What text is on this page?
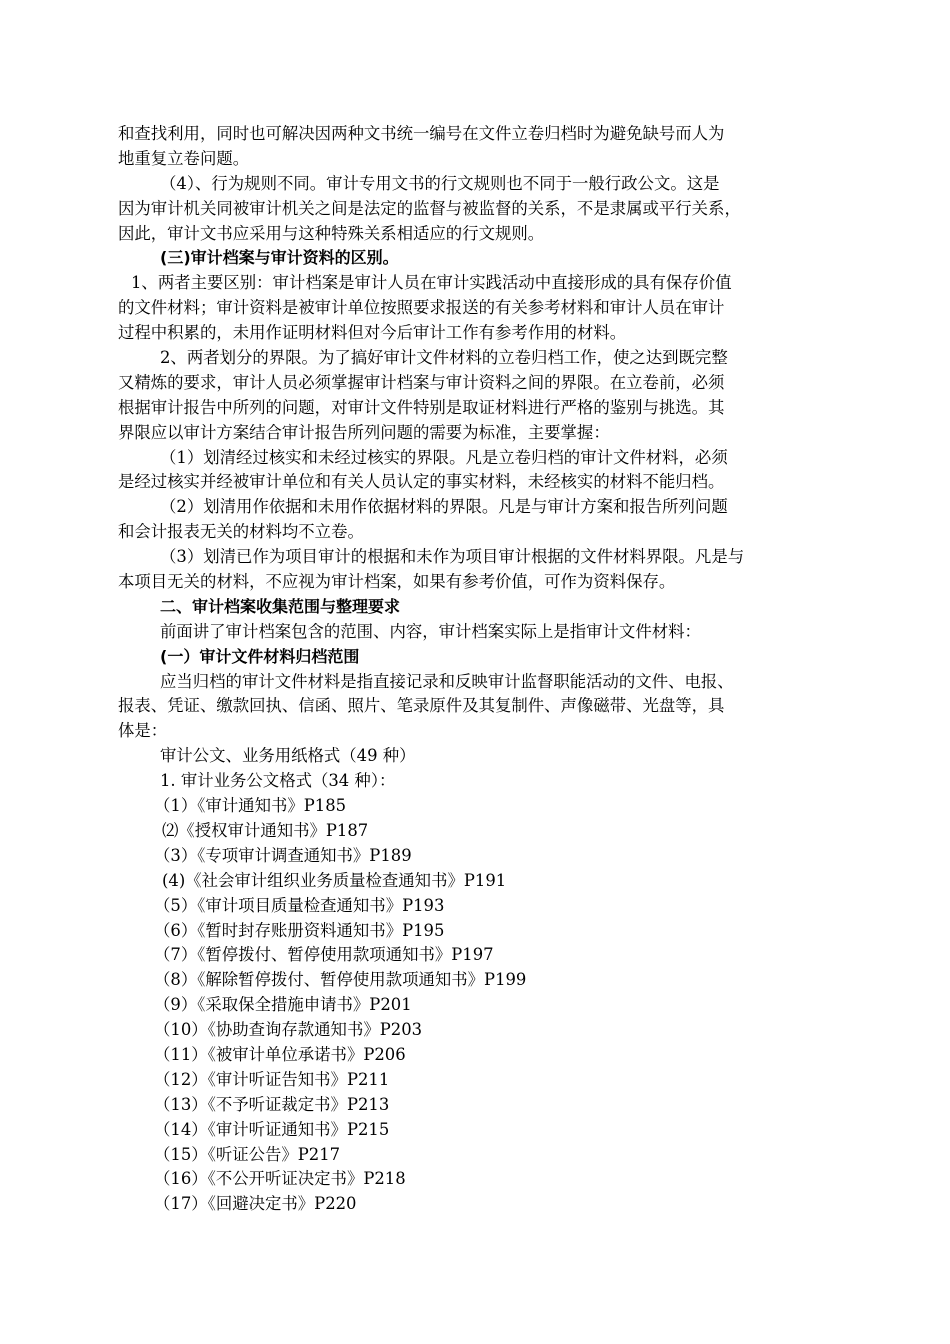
和查找利用，同时也可解决因两种文书统一编号在文件立卷归档时为避免缺号而人为
地重复立卷问题。
（4）、行为规则不同。审计专用文书的行文规则也不同于一般行政公文。这是
因为审计机关同被审计机关之间是法定的监督与被监督的关系，不是隶属或平行关系，
因此，审计文书应采用与这种特殊关系相适应的行文规则。
(三)审计档案与审计资料的区别。
1、两者主要区别：审计档案是审计人员在审计实践活动中直接形成的具有保存价值
的文件材料；审计资料是被审计单位按照要求报送的有关参考材料和审计人员在审计
过程中积累的，未用作证明材料但对今后审计工作有参考作用的材料。
2、两者划分的界限。为了搞好审计文件材料的立卷归档工作，使之达到既完整
又精炼的要求，审计人员必须掌握审计档案与审计资料之间的界限。在立卷前，必须
根据审计报告中所列的问题，对审计文件特别是取证材料进行严格的鉴别与挑选。其
界限应以审计方案结合审计报告所列问题的需要为标准，主要掌握：
（1）划清经过核实和未经过核实的界限。凡是立卷归档的审计文件材料，必须
是经过核实并经被审计单位和有关人员认定的事实材料，未经核实的材料不能归档。
（2）划清用作依据和未用作依据材料的界限。凡是与审计方案和报告所列问题
和会计报表无关的材料均不立卷。
（3）划清已作为项目审计的根据和未作为项目审计根据的文件材料界限。凡是与
本项目无关的材料，不应视为审计档案，如果有参考价值，可作为资料保存。
二、审计档案收集范围与整理要求
前面讲了审计档案包含的范围、内容，审计档案实际上是指审计文件材料：
(一）审计文件材料归档范围
应当归档的审计文件材料是指直接记录和反映审计监督职能活动的文件、电报、
报表、凭证、缴款回执、信函、照片、笔录原件及其复制件、声像磁带、光盘等，具
体是：
审计公文、业务用纸格式（49 种）
1. 审计业务公文格式（34 种）：
（1）《审计通知书》P185
⑵《授权审计通知书》P187
（3）《专项审计调查通知书》P189
(4)《社会审计组织业务质量检查通知书》P191
（5）《审计项目质量检查通知书》P193
（6）《暂时封存账册资料通知书》P195
（7）《暂停拨付、暂停使用款项通知书》P197
（8）《解除暂停拨付、暂停使用款项通知书》P199
（9）《采取保全措施申请书》P201
（10）《协助查询存款通知书》P203
（11）《被审计单位承诺书》P206
（12）《审计听证告知书》P211
（13）《不予听证裁定书》P213
（14）《审计听证通知书》P215
（15）《听证公告》P217
（16）《不公开听证决定书》P218
（17）《回避决定书》P220
